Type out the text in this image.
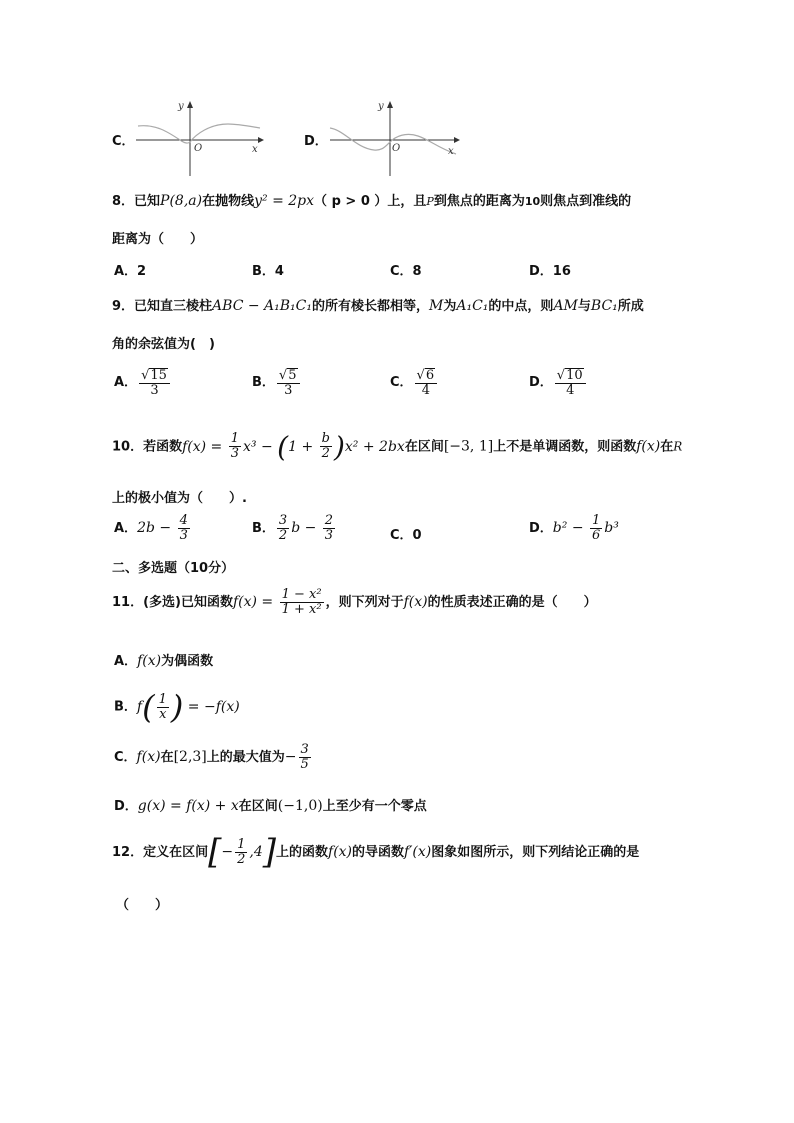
C．
y
x
O	D．
y
x
O
8．已知P(8,a)在抛物线y² = 2px（ p > 0 ）上，且P到焦点的距离为10则焦点到准线的
距离为（　　）
A．2	B．4	C．8	D．16
9．已知直三棱柱ABC − A₁B₁C₁的所有棱长都相等，M为A₁C₁的中点，则AM与BC₁所成
角的余弦值为(　)
A． $\frac{√15}{3}$	B． $\frac{√5}{3}$	C． $\frac{√6}{4}$	D． $\frac{√10}{4}$
10．若函数$f(x) = \frac{1}{3} x^3 - (1 + \frac{b}{2} )x^2 + 2bx$在区间[−3, 1]上不是单调函数，则函数f(x)在R
上的极小值为（　　）.
A．$2b - \frac{4}{3}$	B． $\frac{3}{2}$ $b - \frac{2}{3}$	C．0	D．$b^2 - \frac{1}{6} b^3$
二、多选题（10分）
11．(多选)已知函数$f(x) = \frac{\text{1 − x²}}{\text{1 + x²}}$ ，则下列对于f(x)的性质表述正确的是（　　）
A．f(x)为偶函数
B．$f( \frac{1}{x}$ ) = −f(x)
C．f(x)在[2,3]上的最大值为− $\frac{3}{5}$
D．g(x) = f(x) + x在区间(−1,0)上至少有一个零点
12．定义在区间[− $\frac{1}{2} ,4$]上的函数f(x)的导函数f′(x)图象如图所示，则下列结论正确的是
（　　）
